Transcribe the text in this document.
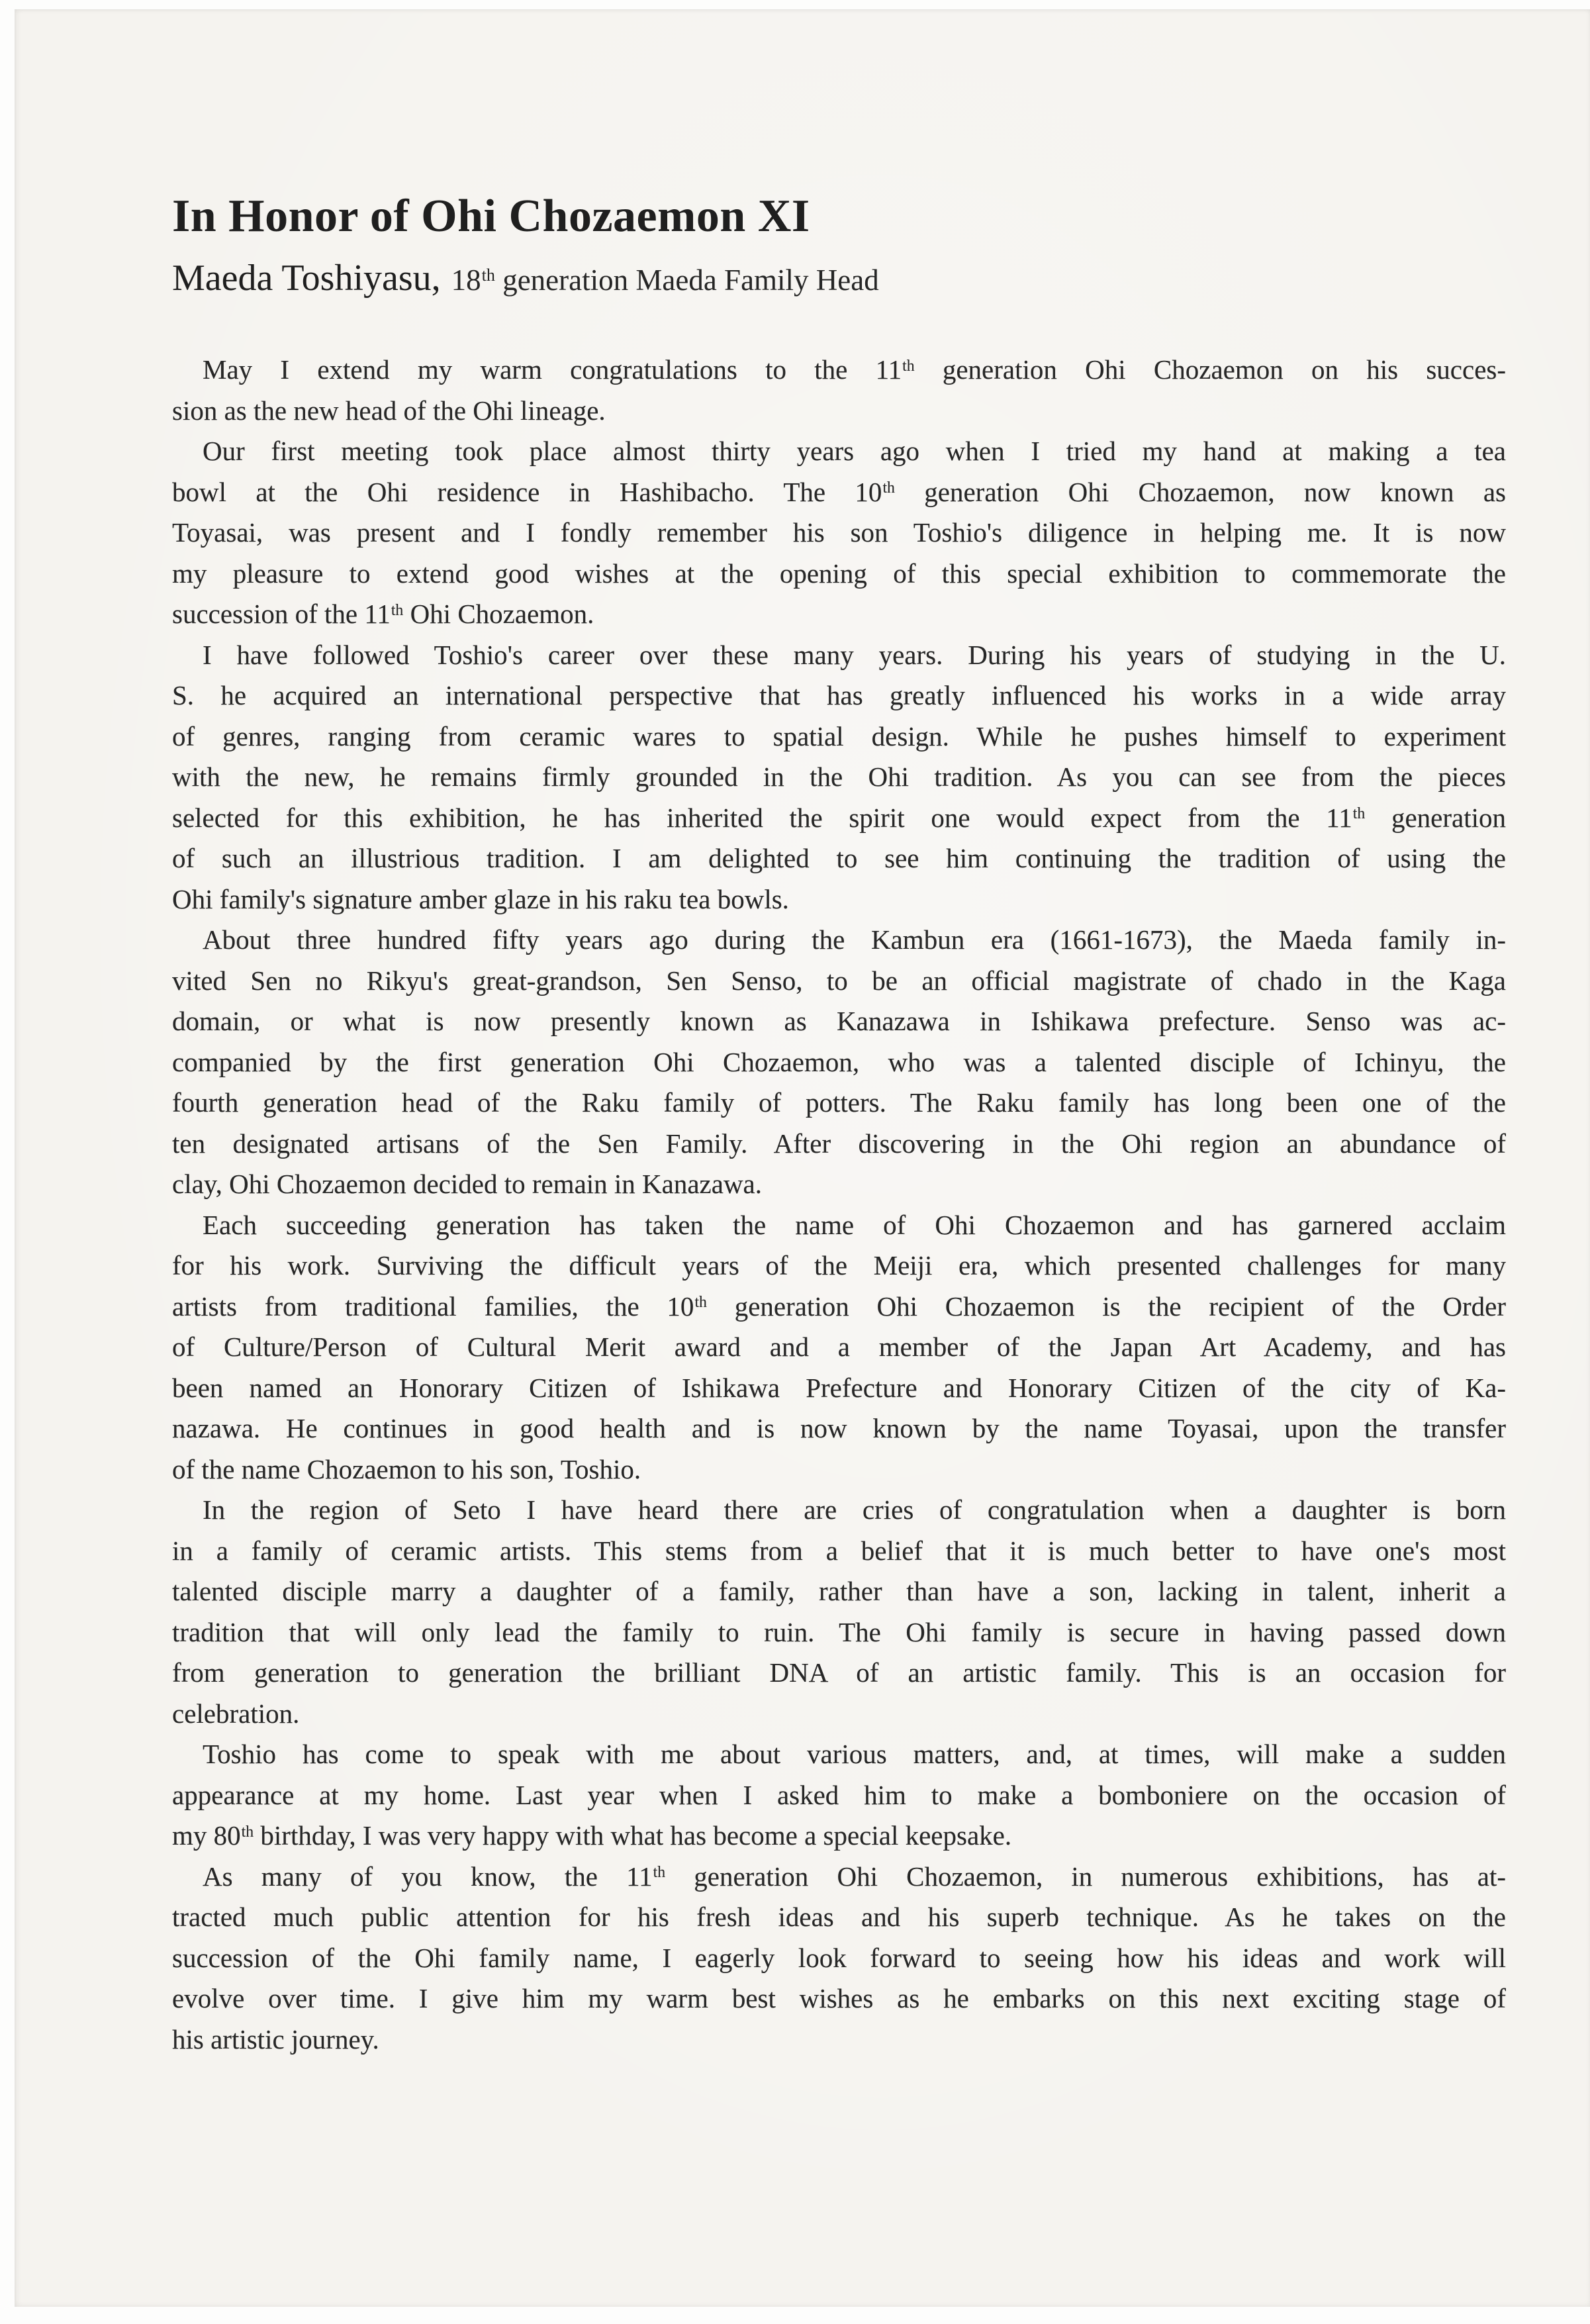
In Honor of Ohi Chozaemon XI
Maeda Toshiyasu, 18th generation Maeda Family Head
May I extend my warm congratulations to the 11th generation Ohi Chozaemon on his succes-
sion as the new head of the Ohi lineage.
Our first meeting took place almost thirty years ago when I tried my hand at making a tea
bowl at the Ohi residence in Hashibacho. The 10th generation Ohi Chozaemon, now known as
Toyasai, was present and I fondly remember his son Toshio's diligence in helping me. It is now
my pleasure to extend good wishes at the opening of this special exhibition to commemorate the
succession of the 11th Ohi Chozaemon.
I have followed Toshio's career over these many years. During his years of studying in the U.
S. he acquired an international perspective that has greatly influenced his works in a wide array
of genres, ranging from ceramic wares to spatial design. While he pushes himself to experiment
with the new, he remains firmly grounded in the Ohi tradition. As you can see from the pieces
selected for this exhibition, he has inherited the spirit one would expect from the 11th generation
of such an illustrious tradition. I am delighted to see him continuing the tradition of using the
Ohi family's signature amber glaze in his raku tea bowls.
About three hundred fifty years ago during the Kambun era (1661-1673), the Maeda family in-
vited Sen no Rikyu's great-grandson, Sen Senso, to be an official magistrate of chado in the Kaga
domain, or what is now presently known as Kanazawa in Ishikawa prefecture. Senso was ac-
companied by the first generation Ohi Chozaemon, who was a talented disciple of Ichinyu, the
fourth generation head of the Raku family of potters. The Raku family has long been one of the
ten designated artisans of the Sen Family. After discovering in the Ohi region an abundance of
clay, Ohi Chozaemon decided to remain in Kanazawa.
Each succeeding generation has taken the name of Ohi Chozaemon and has garnered acclaim
for his work. Surviving the difficult years of the Meiji era, which presented challenges for many
artists from traditional families, the 10th generation Ohi Chozaemon is the recipient of the Order
of Culture/Person of Cultural Merit award and a member of the Japan Art Academy, and has
been named an Honorary Citizen of Ishikawa Prefecture and Honorary Citizen of the city of Ka-
nazawa. He continues in good health and is now known by the name Toyasai, upon the transfer
of the name Chozaemon to his son, Toshio.
In the region of Seto I have heard there are cries of congratulation when a daughter is born
in a family of ceramic artists. This stems from a belief that it is much better to have one's most
talented disciple marry a daughter of a family, rather than have a son, lacking in talent, inherit a
tradition that will only lead the family to ruin. The Ohi family is secure in having passed down
from generation to generation the brilliant DNA of an artistic family. This is an occasion for
celebration.
Toshio has come to speak with me about various matters, and, at times, will make a sudden
appearance at my home. Last year when I asked him to make a bomboniere on the occasion of
my 80th birthday, I was very happy with what has become a special keepsake.
As many of you know, the 11th generation Ohi Chozaemon, in numerous exhibitions, has at-
tracted much public attention for his fresh ideas and his superb technique. As he takes on the
succession of the Ohi family name, I eagerly look forward to seeing how his ideas and work will
evolve over time. I give him my warm best wishes as he embarks on this next exciting stage of
his artistic journey.
